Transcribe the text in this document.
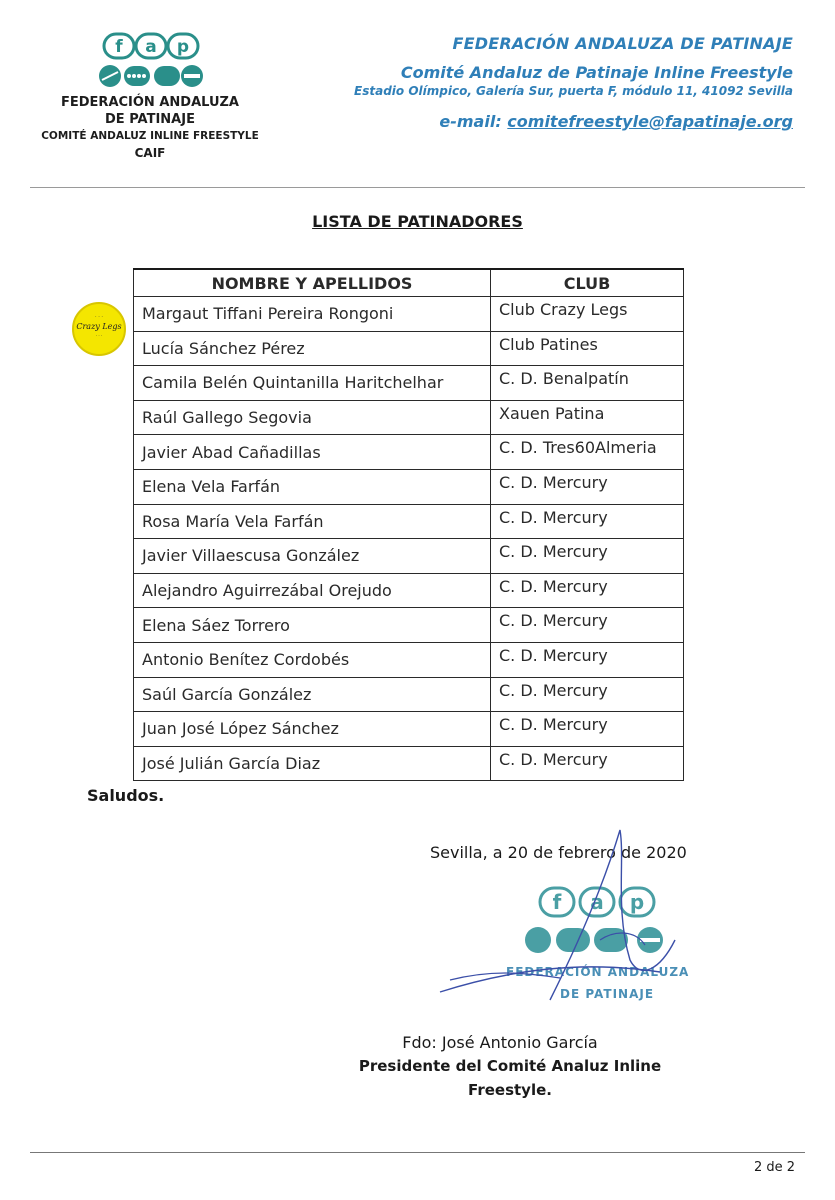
f a p
FEDERACIÓN ANDALUZA
DE PATINAJE
COMITÉ ANDALUZ INLINE FREESTYLE
CAIF
FEDERACIÓN ANDALUZA DE PATINAJE
Comité Andaluz de Patinaje Inline Freestyle
Estadio Olímpico, Galería Sur, puerta F, módulo 11, 41092 Sevilla
e-mail: comitefreestyle@fapatinaje.org
LISTA DE PATINADORES
· · ·
Crazy Legs
· · ·
NOMBRE Y APELLIDOS	CLUB
Margaut Tiffani Pereira Rongoni	Club Crazy Legs
Lucía Sánchez Pérez	Club Patines
Camila Belén Quintanilla Haritchelhar	C. D. Benalpatín
Raúl Gallego Segovia	Xauen Patina
Javier Abad Cañadillas	C. D. Tres60Almeria
Elena Vela Farfán	C. D. Mercury
Rosa María Vela Farfán	C. D. Mercury
Javier Villaescusa González	C. D. Mercury
Alejandro Aguirrezábal Orejudo	C. D. Mercury
Elena Sáez Torrero	C. D. Mercury
Antonio Benítez Cordobés	C. D. Mercury
Saúl García González	C. D. Mercury
Juan José López Sánchez	C. D. Mercury
José Julián García Diaz	C. D. Mercury
Saludos.
Sevilla, a 20 de febrero de 2020
f a p
FEDERACIÓN ANDALUZA
DE PATINAJE
Fdo: José Antonio García
Presidente del Comité Analuz Inline
Freestyle.
2 de 2
